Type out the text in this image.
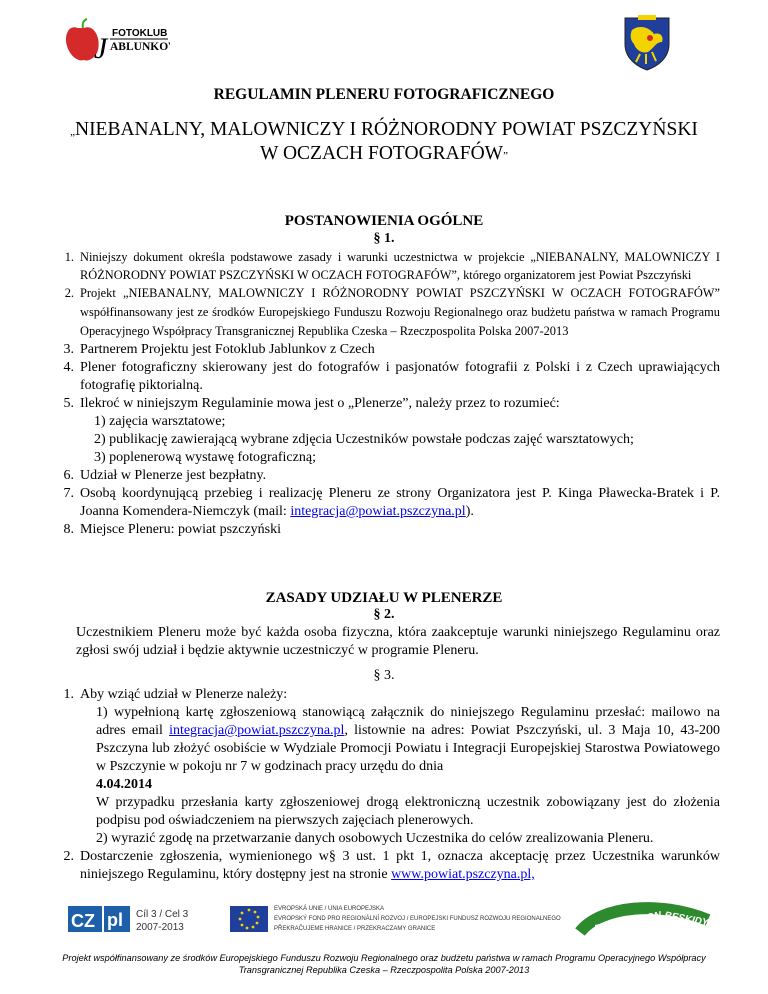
J FOTOKLUB
ABLUNKOV
REGULAMIN PLENERU FOTOGRAFICZNEGO
„NIEBANALNY, MALOWNICZY I RÓŻNORODNY POWIAT PSZCZYŃSKI
W OCZACH FOTOGRAFÓW”
POSTANOWIENIA OGÓLNE
§ 1.
1. Niniejszy dokument określa podstawowe zasady i warunki uczestnictwa w projekcie „NIEBANALNY, MALOWNICZY I RÓŻNORODNY POWIAT PSZCZYŃSKI W OCZACH FOTOGRAFÓW”, którego organizatorem jest Powiat Pszczyński
2. Projekt „NIEBANALNY, MALOWNICZY I RÓŻNORODNY POWIAT PSZCZYŃSKI W OCZACH FOTOGRAFÓW” współfinansowany jest ze środków Europejskiego Funduszu Rozwoju Regionalnego oraz budżetu państwa w ramach Programu Operacyjnego Współpracy Transgranicznej Republika Czeska – Rzeczpospolita Polska 2007-2013
3. Partnerem Projektu jest Fotoklub Jablunkov z Czech
4. Plener fotograficzny skierowany jest do fotografów i pasjonatów fotografii z Polski i z Czech uprawiających fotografię piktorialną.
5. Ilekroć w niniejszym Regulaminie mowa jest o „Plenerze”, należy przez to rozumieć:
1) zajęcia warsztatowe;
2) publikację zawierającą wybrane zdjęcia Uczestników powstałe podczas zajęć warsztatowych;
3) poplenerową wystawę fotograficzną;
6. Udział w Plenerze jest bezpłatny.
7. Osobą koordynującą przebieg i realizację Pleneru ze strony Organizatora jest P. Kinga Pławecka-Bratek i P. Joanna Komendera-Niemczyk (mail: integracja@powiat.pszczyna.pl).
8. Miejsce Pleneru: powiat pszczyński
ZASADY UDZIAŁU W PLENERZE
§ 2.
Uczestnikiem Pleneru może być każda osoba fizyczna, która zaakceptuje warunki niniejszego Regulaminu oraz zgłosi swój udział i będzie aktywnie uczestniczyć w programie Pleneru.
§ 3.
1. Aby wziąć udział w Plenerze należy:
1) wypełnioną kartę zgłoszeniową stanowiącą załącznik do niniejszego Regulaminu przesłać: mailowo na adres email integracja@powiat.pszczyna.pl, listownie na adres: Powiat Pszczyński, ul. 3 Maja 10, 43-200 Pszczyna lub złożyć osobiście w Wydziale Promocji Powiatu i Integracji Europejskiej Starostwa Powiatowego w Pszczynie w pokoju nr 7 w godzinach pracy urzędu do dnia
4.04.2014
W przypadku przesłania karty zgłoszeniowej drogą elektroniczną uczestnik zobowiązany jest do złożenia podpisu pod oświadczeniem na pierwszych zajęciach plenerowych.
2) wyrazić zgodę na przetwarzanie danych osobowych Uczestnika do celów zrealizowania Pleneru.
2. Dostarczenie zgłoszenia, wymienionego w§ 3 ust. 1 pkt 1, oznacza akceptację przez Uczestnika warunków niniejszego Regulaminu, który dostępny jest na stronie www.powiat.pszczyna.pl,
CZ pl Cíl 3 / Cel 3
2007-2013
EVROPSKÁ UNIE / UNIA EUROPEJSKA
EVROPSKÝ FOND PRO REGIONÁLNÍ ROZVOJ / EUROPEJSKI FUNDUSZ ROZWOJU REGIONALNEGO
PŘEKRAČUJEME HRANICE / PRZEKRACZAMY GRANICE	EUROREGION BESKIDY
Projekt współfinansowany ze środków Europejskiego Funduszu Rozwoju Regionalnego oraz budżetu państwa w ramach Programu Operacyjnego Współpracy
Transgranicznej Republika Czeska – Rzeczpospolita Polska 2007-2013
